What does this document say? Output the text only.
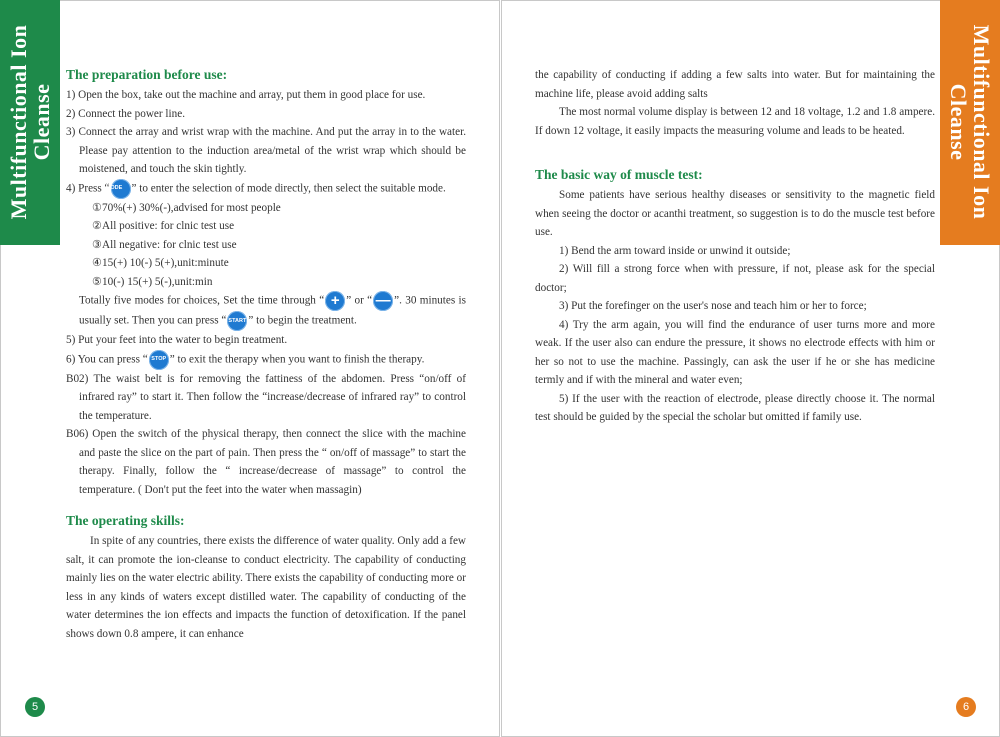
Multifunctional Ion Cleanse	Multifunctional Ion Cleanse
The preparation before use:

1) Open the box, take out the machine and array, put them in good place for use.

2) Connect the power line.

3) Connect the array and wrist wrap with the machine. And put the array in to the water. Please pay attention to the induction area/metal of the wrist wrap which should be moistened, and touch the skin tightly.

4) Press “MODE ” to enter the selection of mode directly, then select the suitable mode.

①70%(+) 30%(-),advised for most people

②All positive: for clnic test use

③All negative: for clnic test use

④15(+) 10(-) 5(+),unit:minute

⑤10(-) 15(+) 5(-),unit:min

Totally five modes for choices, Set the time through “ + ” or “ — ”. 30 minutes is usually set. Then you can press “ START ” to begin the treatment.

5) Put your feet into the water to begin treatment.

6) You can press “ STOP ” to exit the therapy when you want to finish the therapy.

B02) The waist belt is for removing the fattiness of the abdomen. Press “on/off of infrared ray” to start it. Then follow the “increase/decrease of infrared ray” to control the temperature.

B06) Open the switch of the physical therapy, then connect the slice with the machine and paste the slice on the part of pain. Then press the “ on/off of massage” to start the therapy. Finally, follow the “ increase/decrease of massage” to control the temperature. ( Don't put the feet into the water when massagin)

The operating skills:

In spite of any countries, there exists the difference of water quality. Only add a few salt, it can promote the ion-cleanse to conduct electricity. The capability of conducting mainly lies on the water electric ability. There exists the capability of conducting more or less in any kinds of waters except distilled water. The capability of conducting of the water determines the ion effects and impacts the function of detoxification. If the panel shows down 0.8 ampere, it can enhance

the capability of conducting if adding a few salts into water. But for maintaining the machine life, please avoid adding salts

The most normal volume display is between 12 and 18 voltage, 1.2 and 1.8 ampere. If down 12 voltage, it easily impacts the measuring volume and leads to be heated.

The basic way of muscle test:

Some patients have serious healthy diseases or sensitivity to the magnetic field when seeing the doctor or acanthi treatment, so suggestion is to do the muscle test before use.

1) Bend the arm toward inside or unwind it outside;

2) Will fill a strong force when with pressure, if not, please ask for the special doctor;

3) Put the forefinger on the user's nose and teach him or her to force;

4) Try the arm again, you will find the endurance of user turns more and more weak. If the user also can endure the pressure, it shows no electrode effects with him or her so not to use the machine. Passingly, can ask the user if he or she has medicine termly and if with the mineral and water even;

5) If the user with the reaction of electrode, please directly choose it. The normal test should be guided by the special the scholar but omitted if family use.

5	6
